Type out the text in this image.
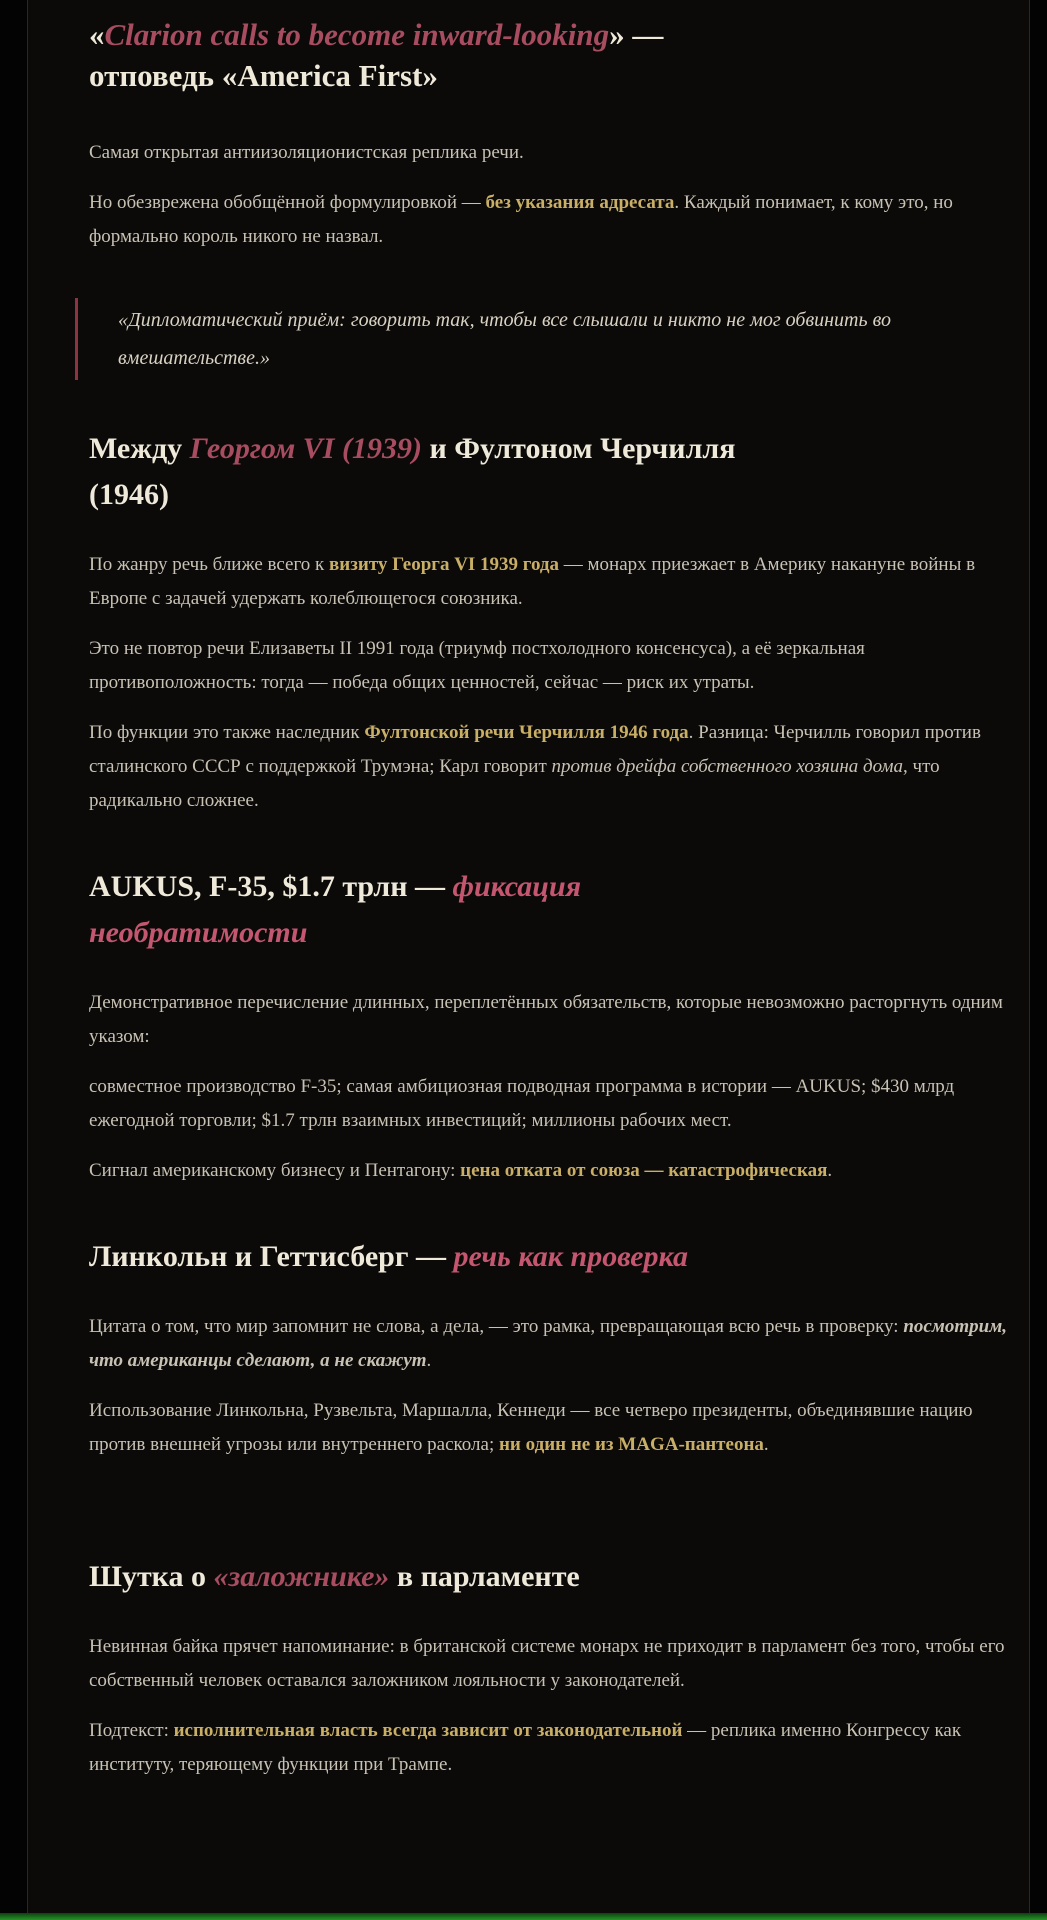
«Clarion calls to become inward-looking» —
отповедь «America First»

Самая открытая антиизоляционистская реплика речи.

Но обезврежена обобщённой формулировкой — без указания адресата. Каждый понимает, к кому это, но формально король никого не назвал.

«Дипломатический приём: говорить так, чтобы все слышали и никто не мог обвинить во вмешательстве.»
Между Георгом VI (1939) и Фултоном Черчилля
(1946)

По жанру речь ближе всего к визиту Георга VI 1939 года — монарх приезжает в Америку накануне войны в Европе с задачей удержать колеблющегося союзника.

Это не повтор речи Елизаветы II 1991 года (триумф постхолодного консенсуса), а её зеркальная противоположность: тогда — победа общих ценностей, сейчас — риск их утраты.

По функции это также наследник Фултонской речи Черчилля 1946 года. Разница: Черчилль говорил против сталинского СССР с поддержкой Трумэна; Карл говорит против дрейфа собственного хозяина дома, что радикально сложнее.

AUKUS, F-35, $1.7 трлн — фиксация
необратимости

Демонстративное перечисление длинных, переплетённых обязательств, которые невозможно расторгнуть одним указом:

совместное производство F-35; самая амбициозная подводная программа в истории — AUKUS; $430 млрд ежегодной торговли; $1.7 трлн взаимных инвестиций; миллионы рабочих мест.

Сигнал американскому бизнесу и Пентагону: цена отката от союза — катастрофическая.

Линкольн и Геттисберг — речь как проверка

Цитата о том, что мир запомнит не слова, а дела, — это рамка, превращающая всю речь в проверку: посмотрим, что американцы сделают, а не скажут.

Использование Линкольна, Рузвельта, Маршалла, Кеннеди — все четверо президенты, объединявшие нацию против внешней угрозы или внутреннего раскола; ни один не из MAGA-пантеона.

Шутка о «заложнике» в парламенте

Невинная байка прячет напоминание: в британской системе монарх не приходит в парламент без того, чтобы его собственный человек оставался заложником лояльности у законодателей.

Подтекст: исполнительная власть всегда зависит от законодательной — реплика именно Конгрессу как институту, теряющему функции при Трампе.
